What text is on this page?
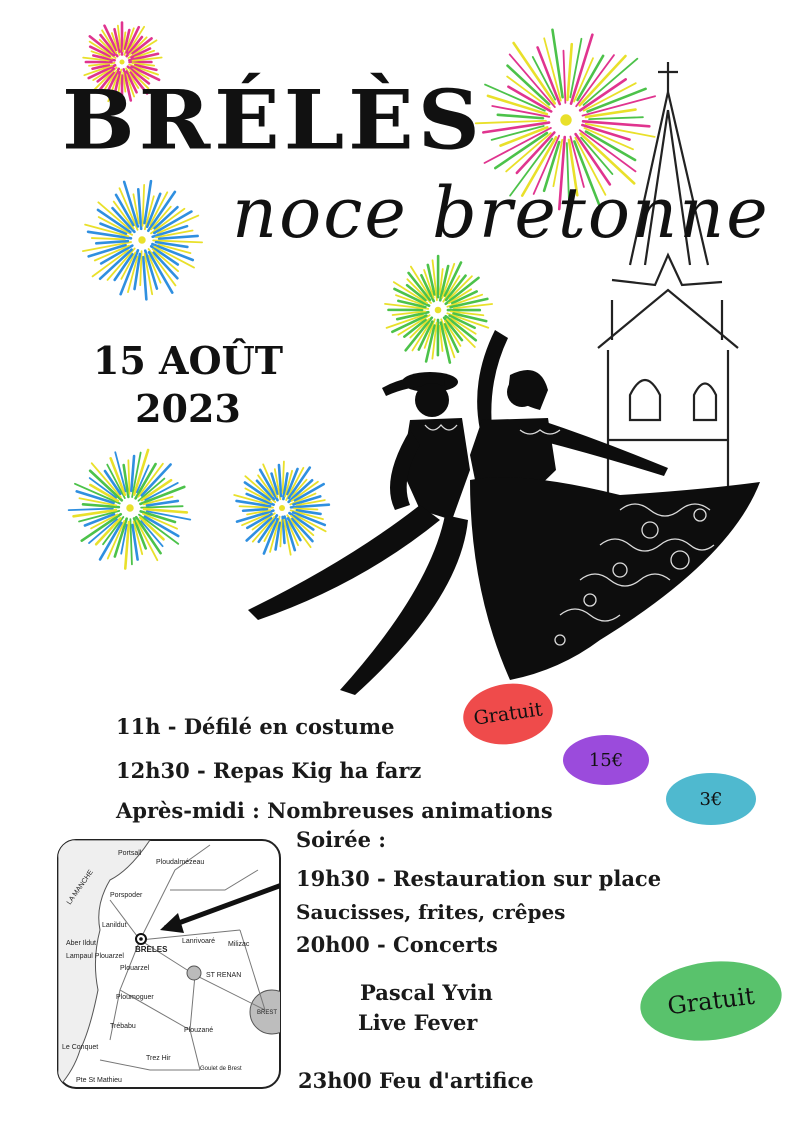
BRÉLÈS
noce bretonne
15 AOÛT
2023
11h - Défilé en costume
12h30 - Repas Kig ha farz
Après-midi : Nombreuses animations
Soirée :
19h30 - Restauration sur place
Saucisses, frites, crêpes
20h00 - Concerts
Pascal Yvin
Live Fever
23h00 Feu d'artifice
Gratuit
15€
3€
Gratuit
LA MANCHE
Portsall
Ploudalmézeau
Porspoder
Lanildut
Aber Ildut
Lampaul Plouarzel
BRELES
Lanrivoaré Milizac
Plouarzel
ST RENAN
Ploumoguer
BREST
Trébabu
Plouzané
Le Conquet
Trez Hir
Goulet de Brest
Pte St Mathieu
